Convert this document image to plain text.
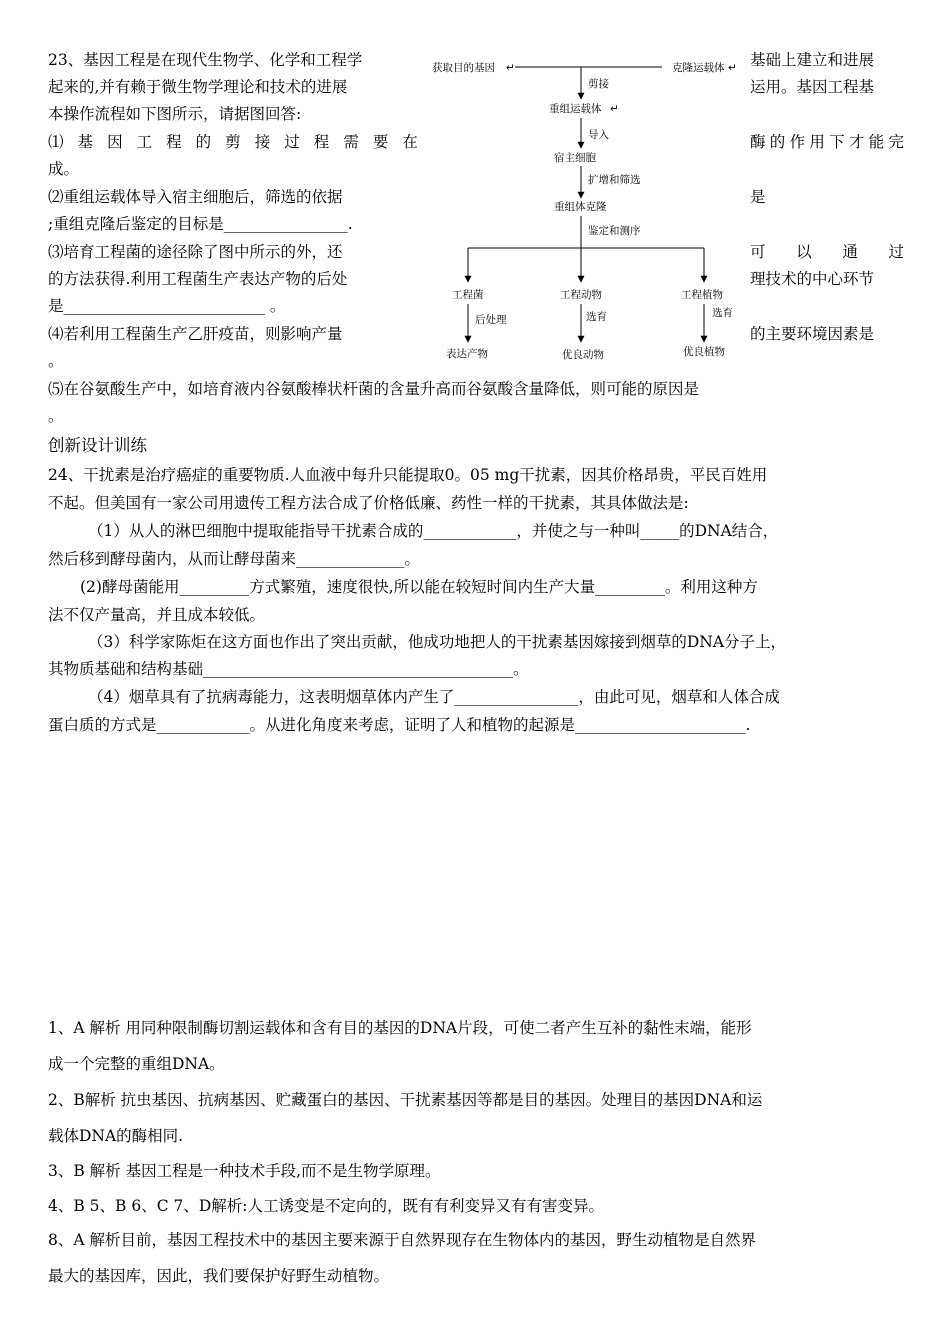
23、基因工程是在现代生物学、化学和工程学	基础上建立和进展
起来的,并有赖于微生物学理论和技术的进展	运用。基因工程基
本操作流程如下图所示，请据图回答:
⑴ 基 因 工 程 的 剪 接 过 程 需 要 在	酶 的 作 用 下 才 能 完
成。
⑵重组运载体导入宿主细胞后，筛选的依据	是
;重组克隆后鉴定的目标是________________.
⑶培育工程菌的途径除了图中所示的外，还	可 以 通 过
的方法获得.利用工程菌生产表达产物的后处	理技术的中心环节
是__________________________ 。
⑷若利用工程菌生产乙肝疫苗，则影响产量	的主要环境因素是
。
⑸在谷氨酸生产中，如培育液内谷氨酸棒状杆菌的含量升高而谷氨酸含量降低，则可能的原因是
。
获取目的基因 ↵	克隆运载体 ↵
剪接
重组运载体 ↵
导入
宿主细胞
扩增和筛选
重组体克隆
鉴定和测序
工程菌	工程动物	工程植物
后处理	选育	选育
表达产物	优良动物	优良植物
创新设计训练
24、干扰素是治疗癌症的重要物质.人血液中每升只能提取0。05 mg干扰素，因其价格昂贵，平民百姓用
不起。但美国有一家公司用遗传工程方法合成了价格低廉、药性一样的干扰素，其具体做法是:
（1）从人的淋巴细胞中提取能指导干扰素合成的____________，并使之与一种叫_____的DNA结合，
然后移到酵母菌内，从而让酵母菌来______________。
(2)酵母菌能用_________方式繁殖，速度很快,所以能在较短时间内生产大量_________。利用这种方
法不仅产量高，并且成本较低。
（3）科学家陈炬在这方面也作出了突出贡献，他成功地把人的干扰素基因嫁接到烟草的DNA分子上，
其物质基础和结构基础________________________________________。
（4）烟草具有了抗病毒能力，这表明烟草体内产生了________________，由此可见，烟草和人体合成
蛋白质的方式是____________。从进化角度来考虑，证明了人和植物的起源是______________________.
1、A 解析 用同种限制酶切割运载体和含有目的基因的DNA片段，可使二者产生互补的黏性末端，能形
成一个完整的重组DNA。
2、B解析 抗虫基因、抗病基因、贮藏蛋白的基因、干扰素基因等都是目的基因。处理目的基因DNA和运
载体DNA的酶相同.
3、B 解析 基因工程是一种技术手段,而不是生物学原理。
4、B 5、B 6、C 7、D解析:人工诱变是不定向的，既有有利变异又有有害变异。
8、A 解析目前，基因工程技术中的基因主要来源于自然界现存在生物体内的基因，野生动植物是自然界
最大的基因库，因此，我们要保护好野生动植物。
